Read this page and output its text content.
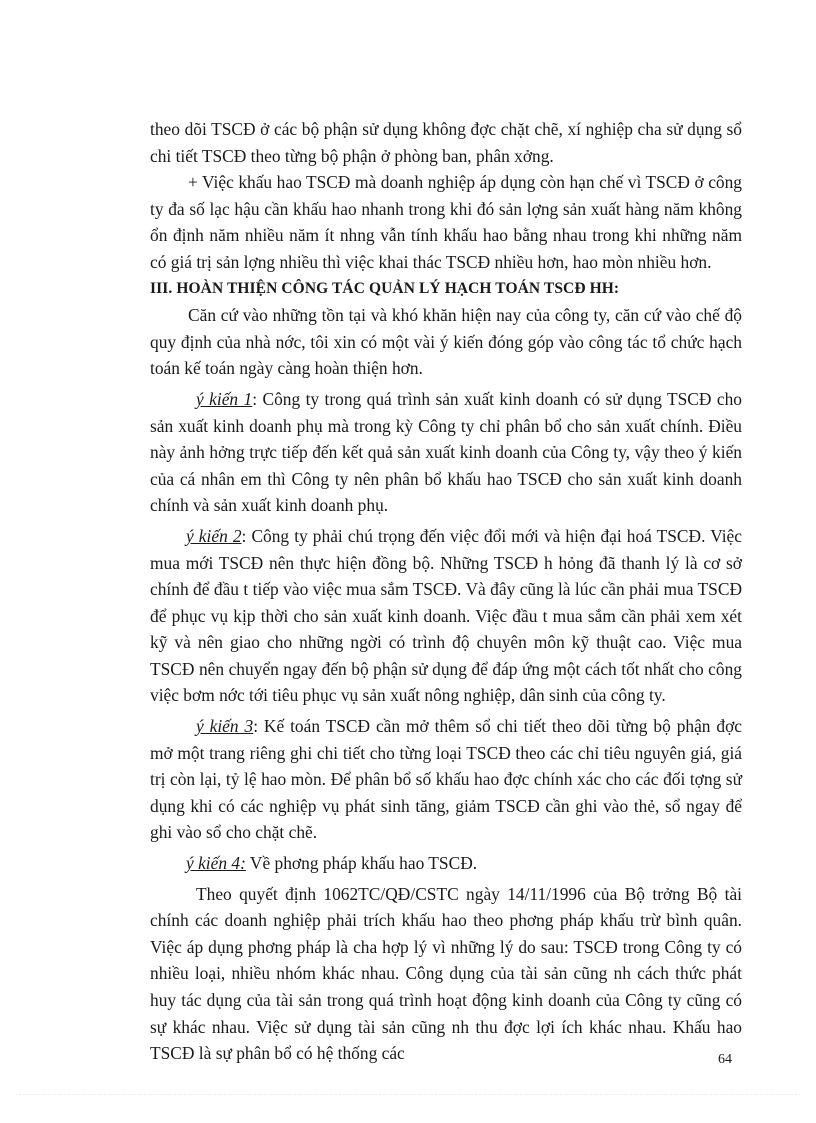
theo dõi TSCĐ ở các bộ phận sử dụng không đợc chặt chẽ, xí nghiệp cha sử dụng sổ chi tiết TSCĐ theo từng bộ phận ở phòng ban, phân xởng.

+ Việc khấu hao TSCĐ mà doanh nghiệp áp dụng còn hạn chế vì TSCĐ ở công ty đa số lạc hậu cần khấu hao nhanh trong khi đó sản lợng sản xuất hàng năm không ổn định năm nhiều năm ít nhng vẫn tính khấu hao bằng nhau trong khi những năm có giá trị sản lợng nhiều thì việc khai thác TSCĐ nhiều hơn, hao mòn nhiều hơn.

III. HOÀN THIỆN CÔNG TÁC QUẢN LÝ HẠCH TOÁN TSCĐ HH:

Căn cứ vào những tồn tại và khó khăn hiện nay của công ty, căn cứ vào chế độ quy định của nhà nớc, tôi xin có một vài ý kiến đóng góp vào công tác tổ chức hạch toán kế toán ngày càng hoàn thiện hơn.

ý kiến 1: Công ty trong quá trình sản xuất kinh doanh có sử dụng TSCĐ cho sản xuất kinh doanh phụ mà trong kỳ Công ty chỉ phân bổ cho sản xuất chính. Điều này ảnh hởng trực tiếp đến kết quả sản xuất kinh doanh của Công ty, vậy theo ý kiến của cá nhân em thì Công ty nên phân bổ khấu hao TSCĐ cho sản xuất kinh doanh chính và sản xuất kinh doanh phụ.

ý kiến 2: Công ty phải chú trọng đến việc đổi mới và hiện đại hoá TSCĐ. Việc mua mới TSCĐ nên thực hiện đồng bộ. Những TSCĐ h hỏng đã thanh lý là cơ sở chính để đầu t tiếp vào việc mua sắm TSCĐ. Và đây cũng là lúc cần phải mua TSCĐ để phục vụ kịp thời cho sản xuất kinh doanh. Việc đầu t mua sắm cần phải xem xét kỹ và nên giao cho những ngời có trình độ chuyên môn kỹ thuật cao. Việc mua TSCĐ nên chuyển ngay đến bộ phận sử dụng để đáp ứng một cách tốt nhất cho công việc bơm nớc tới tiêu phục vụ sản xuất nông nghiệp, dân sinh của công ty.

ý kiến 3: Kế toán TSCĐ cần mở thêm sổ chi tiết theo dõi từng bộ phận đợc mở một trang riêng ghi chi tiết cho từng loại TSCĐ theo các chỉ tiêu nguyên giá, giá trị còn lại, tỷ lệ hao mòn. Để phân bổ số khấu hao đợc chính xác cho các đối tợng sử dụng khi có các nghiệp vụ phát sinh tăng, giảm TSCĐ cần ghi vào thẻ, sổ ngay để ghi vào sổ cho chặt chẽ.

ý kiến 4: Về phơng pháp khấu hao TSCĐ.

Theo quyết định 1062TC/QĐ/CSTC ngày 14/11/1996 của Bộ trởng Bộ tài chính các doanh nghiệp phải trích khấu hao theo phơng pháp khấu trừ bình quân. Việc áp dụng phơng pháp là cha hợp lý vì những lý do sau: TSCĐ trong Công ty có nhiều loại, nhiều nhóm khác nhau. Công dụng của tài sản cũng nh cách thức phát huy tác dụng của tài sản trong quá trình hoạt động kinh doanh của Công ty cũng có sự khác nhau. Việc sử dụng tài sản cũng nh thu đợc lợi ích khác nhau. Khấu hao TSCĐ là sự phân bổ có hệ thống các	64
